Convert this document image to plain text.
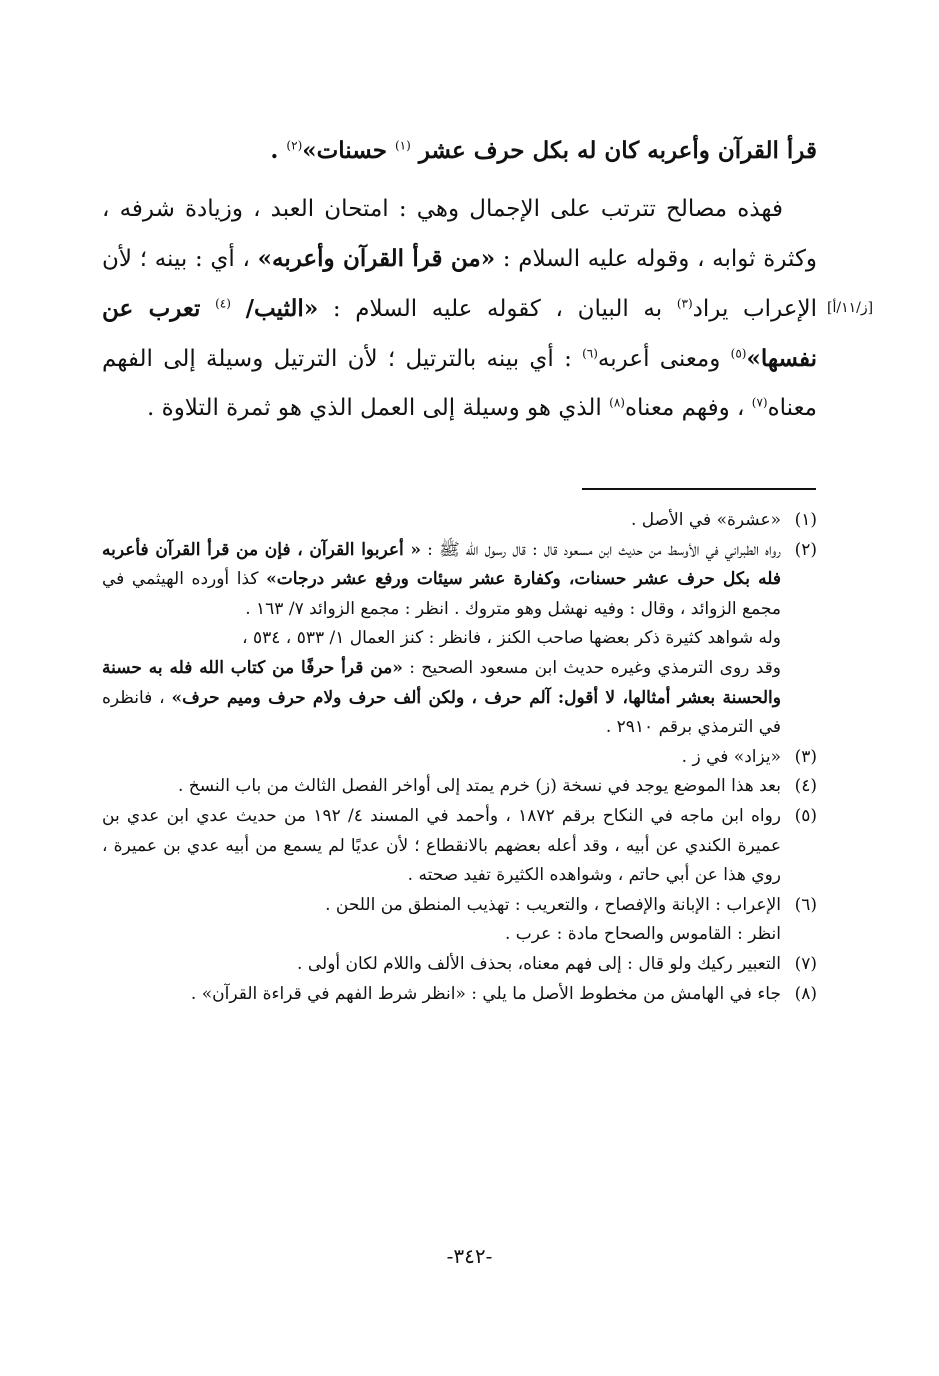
قرأ القرآن وأعربه كان له بكل حرف عشر $^{(١)}$ حسنات»$^{(٢)}$ .

فهذه مصالح تترتب على الإجمال وهي : امتحان العبد ، وزيادة شرفه ، وكثرة ثوابه ، وقوله عليه السلام : «من قرأ القرآن وأعربه» ، أي : بينه ؛ لأن الإعراب يراد$^{(٣)}$ به البيان ، كقوله عليه السلام : «الثيب/ $^{(٤)}$ تعرب عن نفسها»$^{(٥)}$ ومعنى أعربه$^{(٦)}$ : أي بينه بالترتيل ؛ لأن الترتيل وسيلة إلى الفهم معناه$^{(٧)}$ ، وفهم معناه$^{(٨)}$ الذي هو وسيلة إلى العمل الذي هو ثمرة التلاوة .

[ز/١١/أ]
(١)
«عشرة» في الأصل .
(٢)
رواه الطبراني في الأوسط من حديث ابن مسعود قال : قال رسول الله ﷺ : « أعربوا القرآن ، فإن من قرأ القرآن فأعربه فله بكل حرف عشر حسنات، وكفارة عشر سيئات ورفع عشر درجات» كذا أورده الهيثمي في مجمع الزوائد ، وقال : وفيه نهشل وهو متروك . انظر : مجمع الزوائد ٧/ ١٦٣ .
وله شواهد كثيرة ذكر بعضها صاحب الكنز ، فانظر : كنز العمال ١/ ٥٣٣ ، ٥٣٤ ،
وقد روى الترمذي وغيره حديث ابن مسعود الصحيح : «من قرأ حرفًا من كتاب الله فله به حسنة والحسنة بعشر أمثالها، لا أقول: آلم حرف ، ولكن ألف حرف ولام حرف وميم حرف» ، فانظره في الترمذي برقم ٢٩١٠ .
(٣)
«يزاد» في ز .
(٤)
بعد هذا الموضع يوجد في نسخة (ز) خرم يمتد إلى أواخر الفصل الثالث من باب النسخ .
(٥)
رواه ابن ماجه في النكاح برقم ١٨٧٢ ، وأحمد في المسند ٤/ ١٩٢ من حديث عدي ابن عدي بن عميرة الكندي عن أبيه ، وقد أعله بعضهم بالانقطاع ؛ لأن عديًا لم يسمع من أبيه عدي بن عميرة ، روي هذا عن أبي حاتم ، وشواهده الكثيرة تفيد صحته .
(٦)
الإعراب : الإبانة والإفصاح ، والتعريب : تهذيب المنطق من اللحن .
انظر : القاموس والصحاح مادة : عرب .
(٧)
التعبير ركيك ولو قال : إلى فهم معناه، بحذف الألف واللام لكان أولى .
(٨)
جاء في الهامش من مخطوط الأصل ما يلي : «انظر شرط الفهم في قراءة القرآن» .
-٣٤٢-
